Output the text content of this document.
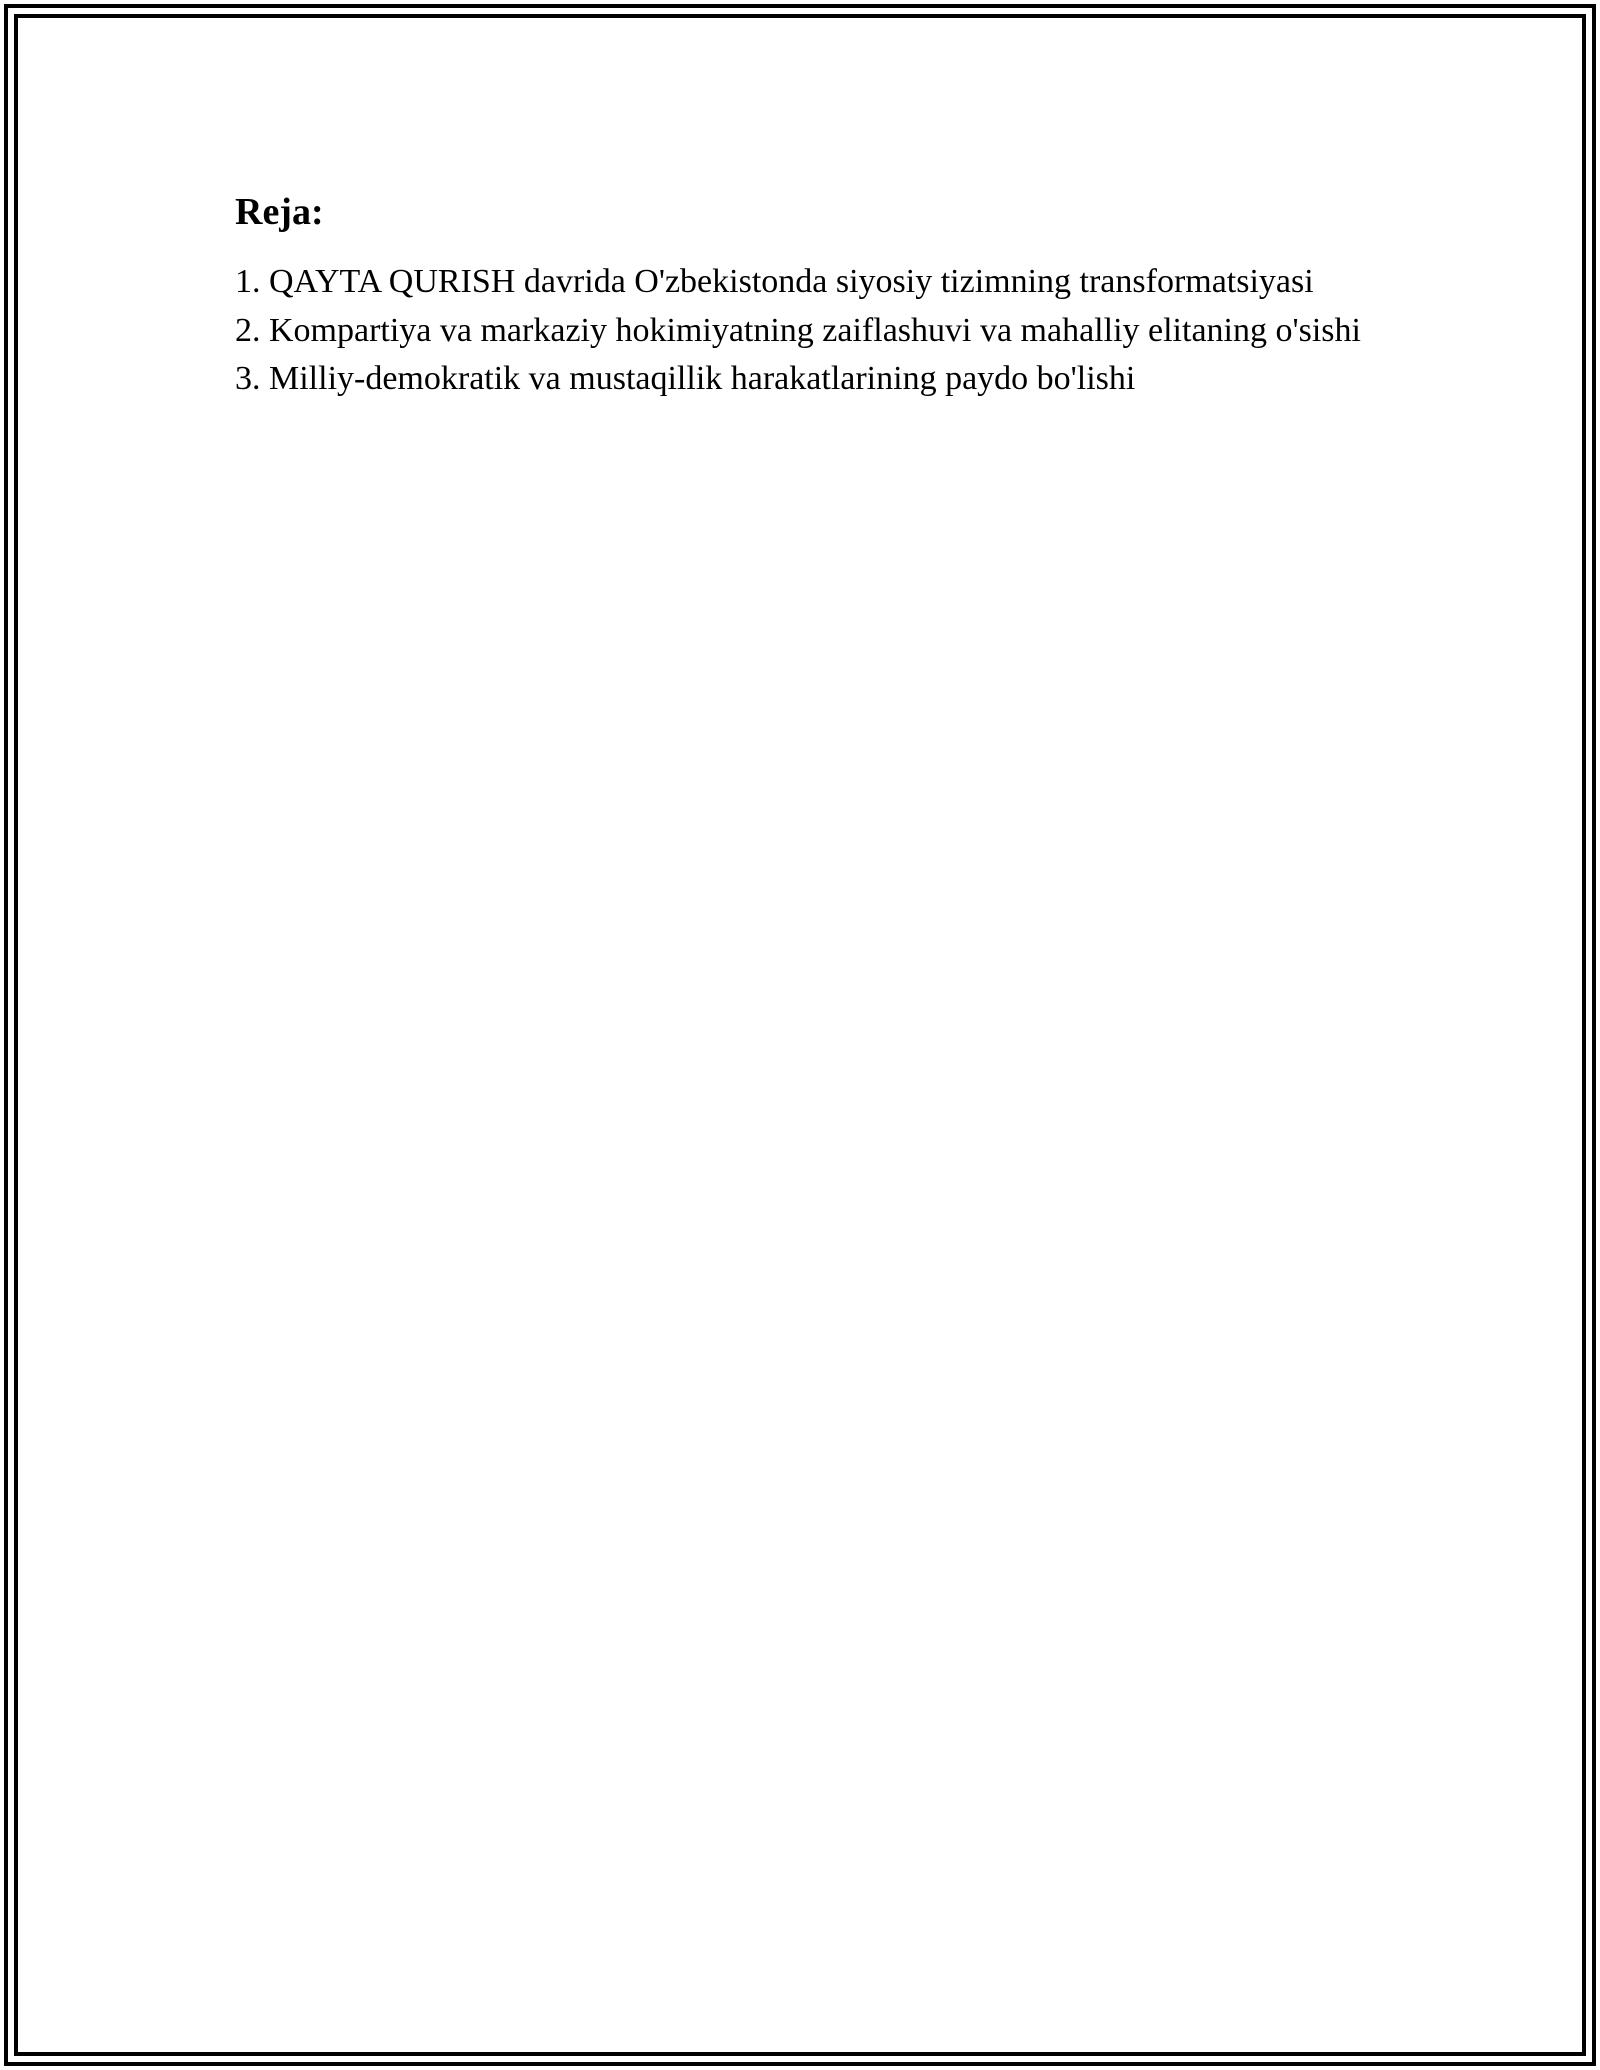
Reja:
1. QAYTA QURISH davrida O'zbekistonda siyosiy tizimning transformatsiyasi
2. Kompartiya va markaziy hokimiyatning zaiflashuvi va mahalliy elitaning o'sishi
3. Milliy-demokratik va mustaqillik harakatlarining paydo bo'lishi
